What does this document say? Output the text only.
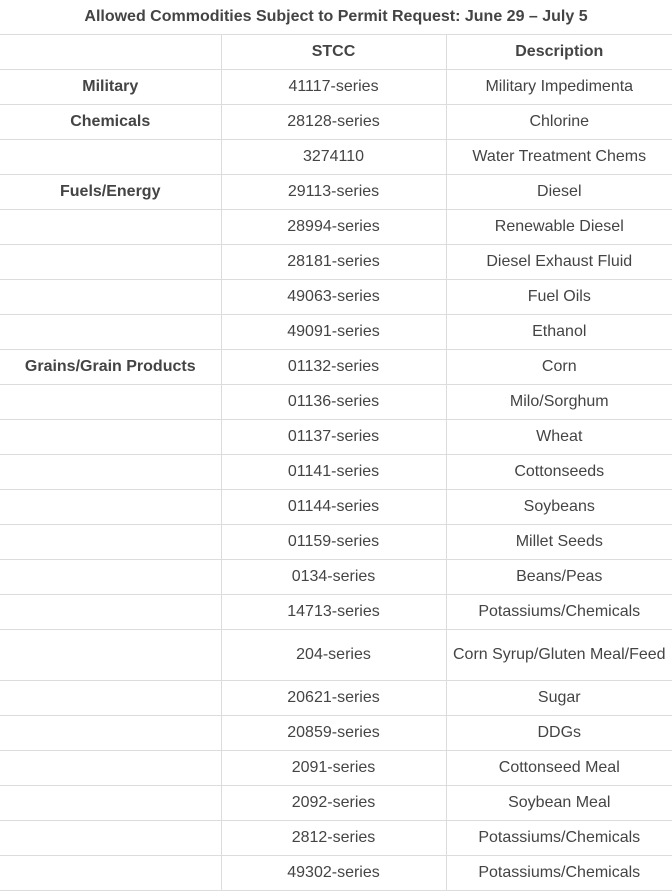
Allowed Commodities Subject to Permit Request: June 29 – July 5		
	STCC	Description
Military	41117-series	Military Impedimenta
Chemicals	28128-series	Chlorine
	3274110	Water Treatment Chems
Fuels/Energy	29113-series	Diesel
	28994-series	Renewable Diesel
	28181-series	Diesel Exhaust Fluid
	49063-series	Fuel Oils
	49091-series	Ethanol
Grains/Grain Products	01132-series	Corn
	01136-series	Milo/Sorghum
	01137-series	Wheat
	01141-series	Cottonseeds
	01144-series	Soybeans
	01159-series	Millet Seeds
	0134-series	Beans/Peas
	14713-series	Potassiums/Chemicals
	204-series	Corn Syrup/Gluten Meal/Feed
	20621-series	Sugar
	20859-series	DDGs
	2091-series	Cottonseed Meal
	2092-series	Soybean Meal
	2812-series	Potassiums/Chemicals
	49302-series	Potassiums/Chemicals
